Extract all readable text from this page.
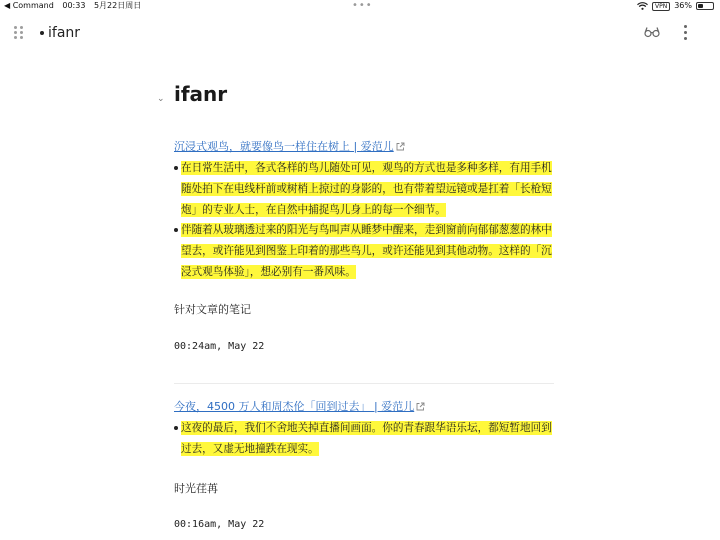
◀ Command 00:33 5月22日周日	•••	VPN 36%
ifanr
⌄ ifanr
沉浸式观鸟，就要像鸟一样住在树上 | 爱范儿
在日常生活中，各式各样的鸟儿随处可见，观鸟的方式也是多种多样，有用手机随处拍下在电线杆前或树梢上掠过的身影的，也有带着望远镜或是扛着「长枪短炮」的专业人士，在自然中捕捉鸟儿身上的每一个细节。
伴随着从玻璃透过来的阳光与鸟叫声从睡梦中醒来，走到窗前向郁郁葱葱的林中望去，或许能见到图鉴上印着的那些鸟儿，或许还能见到其他动物。这样的「沉浸式观鸟体验」，想必别有一番风味。
针对文章的笔记
00:24am, May 22
今夜，4500 万人和周杰伦「回到过去」 | 爱范儿
这夜的最后，我们不舍地关掉直播间画面。你的青春跟华语乐坛，都短暂地回到过去，又虚无地撞跌在现实。
时光荏苒
00:16am, May 22
